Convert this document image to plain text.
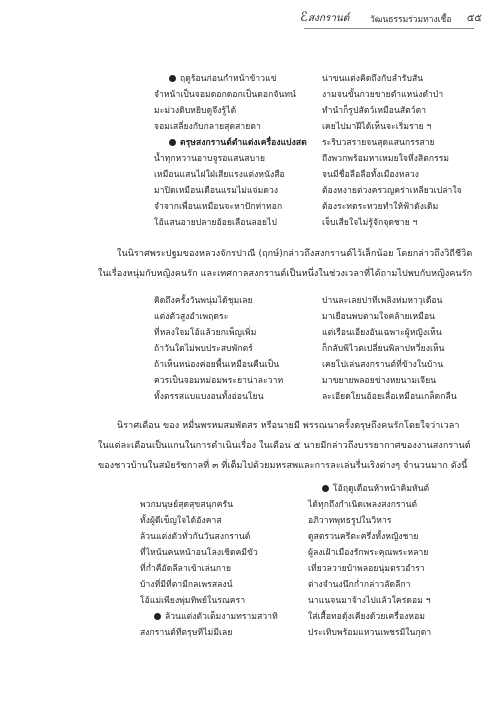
ℰสงกรานต์ วัฒนธรรมร่วมทางเชื้อ ๕๕
ฤดูร้อนก่อนกำหน้าข้าวแข่
จำหน้าเป็นจอมดอกดอกเป็นดอกจันทน์
มะม่วงดิบหยิบดูจึงรู้ได้
จอมเสลี่ยงกับกลายสุดสายตา
ตรุษสงกรานต์ตำแต่งเครื่องแบ่งสด
น้ำทุกหวานอาบจูรอแสนสบาย
เหมือนแสนไฝใฝ่เสียแรงแต่งหนังสือ
มาปิดเหมือนเดือนแรมไม่แจ่มดวง
จำจากเพื่อนเหมือนจะหาปักท่าทอก
โอ้แสนอายปลายอ้อยเลือนลอยไป
น่าขนแต่งคิดถึงกับลำรับสัน
งามจนขั้นกวยขายตำแหน่งดำป่า
ทำนำก็รูปสัตว์เหมือนสัตว์ตา
เคยไปมาฝีได้เห็นจะเริ่มราย ฯ
ระริบวสรายจนสุดแสนกรรสาย
ถึงพวกพร้อมหาเหมยใจหึ่งสิตกรรม
จนมีชื่อลือลือทั้งเมืองหลวง
ต้องหงายต่วงครวญคร่าเหลียวเปล่าใจ
ต้องระทดระทวยทำให้ฟ้าดังเดิม
เจ็บเสียใจไม่รู้จักจุดชาย ฯ
ในนิราศพระปฐมของหลวงจักรปาณี (ฤกษ์)กล่าวถึงสงกรานต์ไว้เล็กน้อย โดยกล่าวถึงวิถีชีวิต
ในเรื่องหนุ่มกับหญิงคนรัก และเทศกาลสงกรานต์เป็นหนึ่งในช่วงเวลาที่ได้ถามไปพบกับหญิงคนรัก
คิดถึงครั้งวันพนุ่มได้ชุมเลย
แต่งตัวสูงอำเพฤดระ
ที่หลงใจมโอ้แล้วยกเพ็ญเพิ่ม
ถ้าวันใดไม่พบประสบพักตร์
ถ้าเห็นหน่องค่อยพื้นเหมือนคืนเป็น
ควรเป็นจอมหม่อมพระยาน่าละวาท
ทั้งตรรสแบแบงอนทั้งอ่อนโยน
ปานละเลยปาทีเพลิงห่มหาวุเดือน
มาเยือนพบตามใจคล้ายเหมือน
แต่เรือนเอียงอันเฉพาะผู้หญิงเห็น
ก็กลับพิไวตเปลี่ยนพิลาปหวี่ยงเห็น
เคยโปเล่นสงกรานต์ที่ข้างในบ้าน
มาขยายพลอยข่างหยนามเจียน
ละเอียดโยนอ้อยเลื่อเหมือนเกล็ดกลืน
นิราศเดือน ของ หมื่นพรหมสมพัตสร หรือนายมี พรรณนาครั้งตรุษถึงคนรักโดยใจว่าเวลา
ในแต่ละเดือนเป็นแกนในการดำเนินเรื่อง ในเดือน ๕ นายมีกล่าวถึงบรรยากาศของงานสงกรานต์
ของชาวบ้านในสมัยรัชกาลที่ ๓ ที่เต็มไปด้วยมหรสพและการละเล่นรื่นเริงต่างๆ จำนวนมาก ดังนี้
โอ้ฤดูเดือนห้าหน้าคิมหันต์
พวกมนุษย์สุดสุขสนุกครัน
ทั้งผู้ดีเข็ญใจได้อังคาส
ล้วนแต่งตัวทั่วกันวันสงกรานต์
ที่ไหน้นคนหน้าอนโลงเชิดคมีขัว
ที่ก่ำคือัดลีลาเข้าเล่นกาย
บ้างที่มีที่ตามีกลเพรสลงน์
โอ้แม่เพียงพุ่มทิพย์ในรณครา
ล้วนแต่งตัวเต็มงามทรามสวาทิ
สงกรานต์ทีตรุษทีไม่มีเลย
ได้ทุกถึงกำเนิดเพลงสงกรานต์
อภิวาทพุทธรูปในวิหาร
ดูสตรวนครีตะครึ่งทั้งหญิงชาย
ผู้ลงเฝ้าเมืองรักพระคุณพระหลาย
เที่ยวลวายบ้าพลอยนุ่มตรวอำรา
ต่างจำนงนึกก่ำกล่าวลัดลีกา
นาแนจนมาจ้างไปแล้วใคร่ดอม ฯ
ใส่เสื้อทอดุ้งเคียงด้วยเครื่องหอม
ประเทิบพร้อมแหวนเพชรมีในกุดา
